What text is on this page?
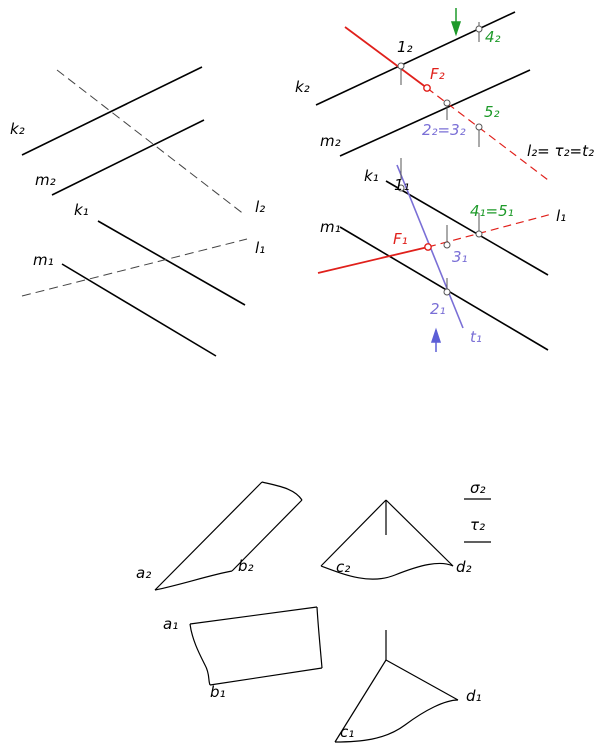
k₂
m₂
k₁
m₁
l₂
l₁
k₂
m₂
k₁
m₁
1₂
4₂
F₂
5₂
2₂=3₂
l₂= τ₂=t₂
1₁
4₁=5₁	l₁
F₁
3₁
2₁
t₁
a₂	b₂	c₂	d₂
σ₂
τ₂
a₁
b₁
c₁
d₁
